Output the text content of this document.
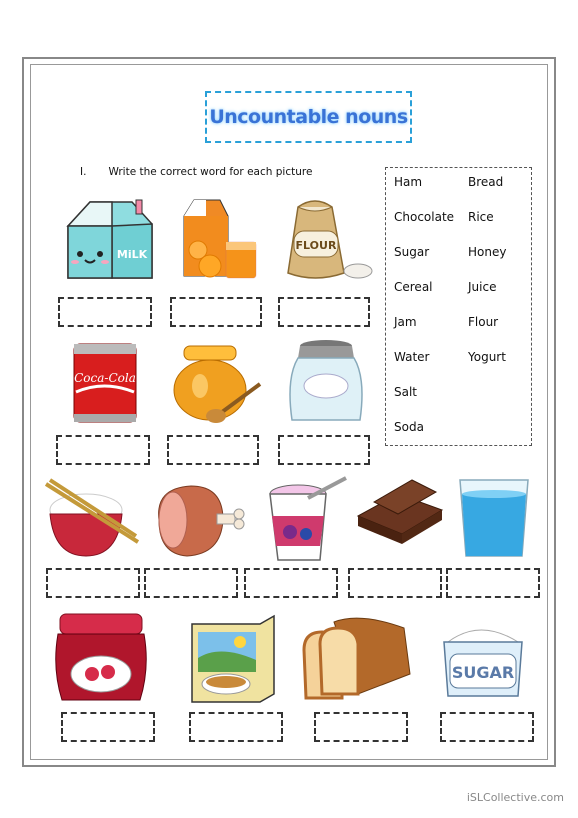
Uncountable nouns
I. Write the correct word for each picture
Ham	Bread
Chocolate Rice
Sugar	Honey
Cereal	Juice
Jam	Flour
Water	Yogurt
Salt
Soda
MiLK
FLOUR
Coca-Cola
SUGAR
iSLCollective.com
